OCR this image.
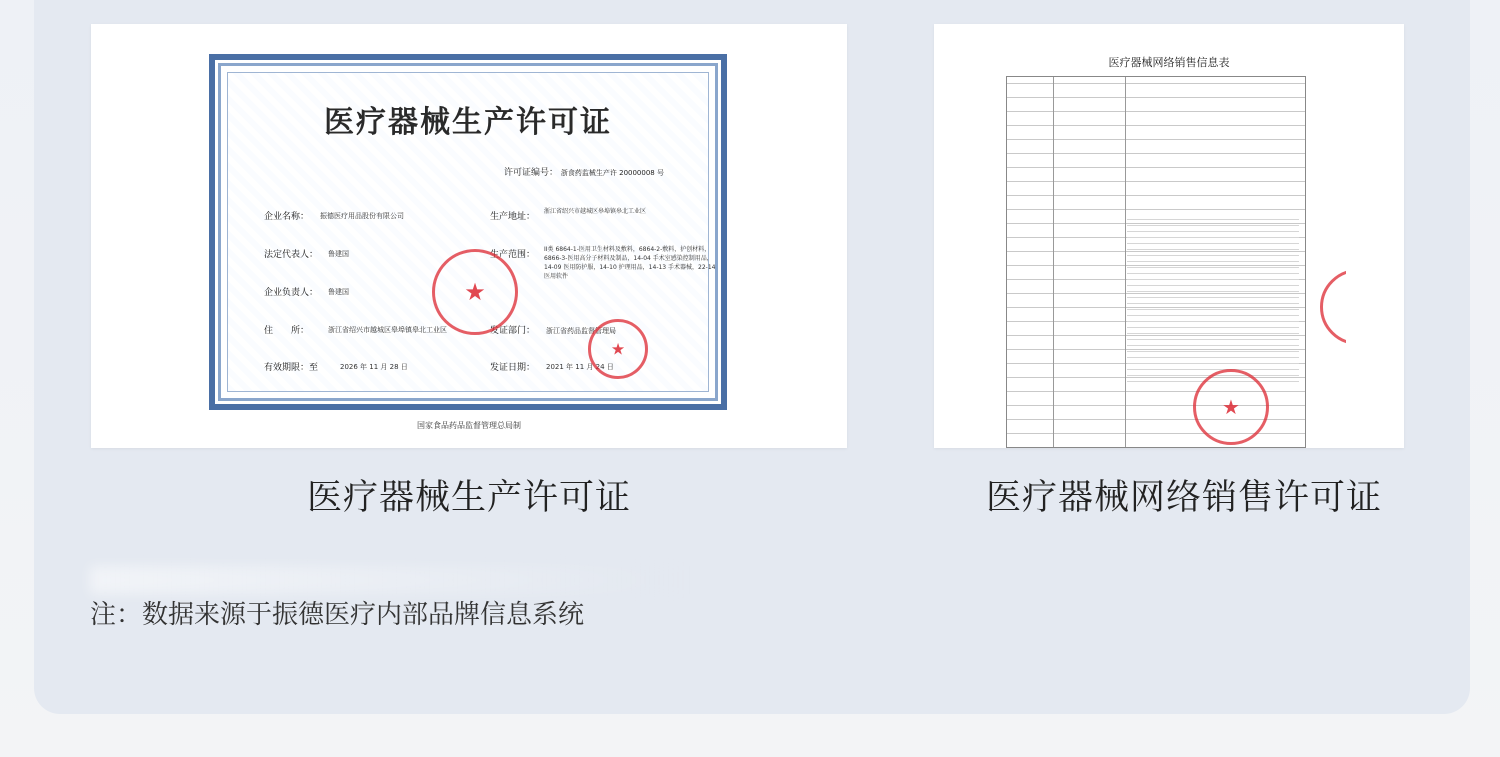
医疗器械生产许可证
许可证编号： 浙食药监械生产许 20000008 号
企业名称： 振德医疗用品股份有限公司
法定代表人： 鲁建国
企业负责人： 鲁建国
住　　所：	浙江省绍兴市越城区皋埠镇皋北工业区
有效期限：至	2026 年 11 月 28 日
生产地址：
浙江省绍兴市越城区皋埠镇皋北工业区
生产范围：
II类 6864-1-医用卫生材料及敷料，6864-2-敷料，护创材料，6866-3-医用高分子材料及制品，14-04 手术室感染控制用品，14-09 医用防护服，14-10 护理用品，14-13 手术器械，22-14 医用软件
发证部门： 浙江省药品监督管理局
发证日期： 2021 年 11 月 24 日
★
★
国家食品药品监督管理总局制
医疗器械网络销售信息表
★
医疗器械生产许可证	医疗器械网络销售许可证
注：数据来源于振德医疗内部品牌信息系统
